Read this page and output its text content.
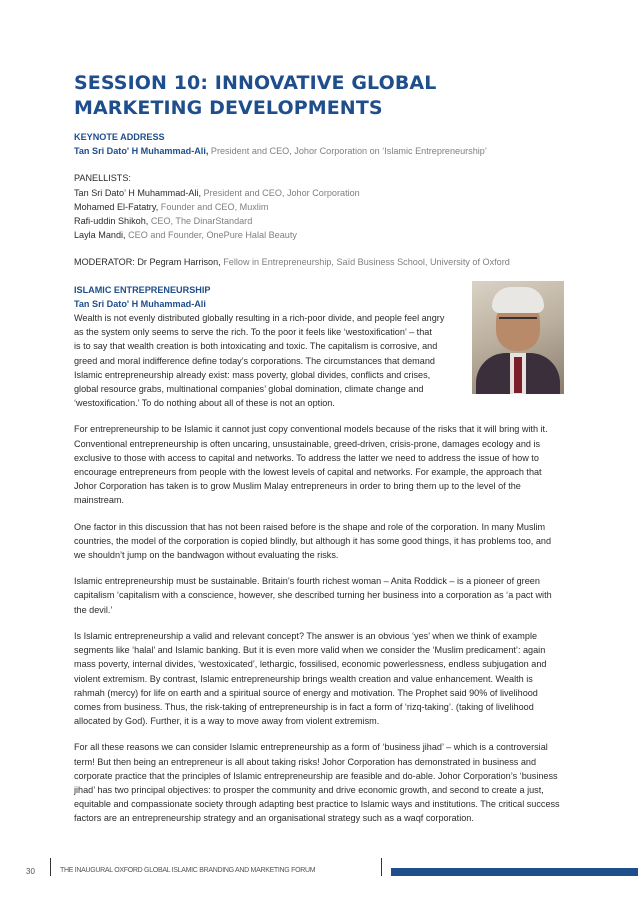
SESSION 10: INNOVATIVE GLOBAL MARKETING DEVELOPMENTS

KEYNOTE ADDRESS

Tan Sri Dato' H Muhammad-Ali, President and CEO, Johor Corporation on ‘Islamic Entrepreneurship’

PANELLISTS:

Tan Sri Dato’ H Muhammad-Ali, President and CEO, Johor Corporation

Mohamed El-Fatatry, Founder and CEO, Muxlim

Rafi-uddin Shikoh, CEO, The DinarStandard

Layla Mandi, CEO and Founder, OnePure Halal Beauty

MODERATOR: Dr Pegram Harrison, Fellow in Entrepreneurship, Saïd Business School, University of Oxford

ISLAMIC ENTREPRENEURSHIP

Tan Sri Dato' H Muhammad-Ali

Wealth is not evenly distributed globally resulting in a rich-poor divide, and people feel angry

as the system only seems to serve the rich. To the poor it feels like ‘westoxification’ – that

is to say that wealth creation is both intoxicating and toxic. The capitalism is corrosive, and

greed and moral indifference define today’s corporations. The circumstances that demand

Islamic entrepreneurship already exist: mass poverty, global divides, conflicts and crises,

global resource grabs, multinational companies’ global domination, climate change and

‘westoxification.’ To do nothing about all of these is not an option.

For entrepreneurship to be Islamic it cannot just copy conventional models because of the risks that it will bring with it. Conventional entrepreneurship is often uncaring, unsustainable, greed-driven, crisis-prone, damages ecology and is exclusive to those with access to capital and networks. To address the latter we need to address the issue of how to encourage entrepreneurs from people with the lowest levels of capital and networks. For example, the approach that Johor Corporation has taken is to grow Muslim Malay entrepreneurs in order to bring them up to the level of the mainstream.

One factor in this discussion that has not been raised before is the shape and role of the corporation. In many Muslim countries, the model of the corporation is copied blindly, but although it has some good things, it has problems too, and we shouldn’t jump on the bandwagon without evaluating the risks.

Islamic entrepreneurship must be sustainable. Britain’s fourth richest woman – Anita Roddick – is a pioneer of green capitalism ‘capitalism with a conscience, however, she described turning her business into a corporation as ‘a pact with the devil.’

Is Islamic entrepreneurship a valid and relevant concept? The answer is an obvious ‘yes’ when we think of example segments like ‘halal’ and Islamic banking. But it is even more valid when we consider the ‘Muslim predicament’: again mass poverty, internal divides, ‘westoxicated’, lethargic, fossilised, economic powerlessness, endless subjugation and violent extremism. By contrast, Islamic entrepreneurship brings wealth creation and value enhancement. Wealth is rahmah (mercy) for life on earth and a spiritual source of energy and motivation. The Prophet said 90% of livelihood comes from business. Thus, the risk-taking of entrepreneurship is in fact a form of ‘rizq-taking’. (taking of livelihood allocated by God). Further, it is a way to move away from violent extremism.

For all these reasons we can consider Islamic entrepreneurship as a form of ‘business jihad’ – which is a controversial term! But then being an entrepreneur is all about taking risks! Johor Corporation has demonstrated in business and corporate practice that the principles of Islamic entrepreneurship are feasible and do-able. Johor Corporation’s ‘business jihad’ has two principal objectives: to prosper the community and drive economic growth, and second to create a just, equitable and compassionate society through adapting best practice to Islamic ways and institutions. The critical success factors are an entrepreneurship strategy and an organisational strategy such as a waqf corporation.

30	THE INAUGURAL OXFORD GLOBAL ISLAMIC BRANDING AND MARKETING FORUM
